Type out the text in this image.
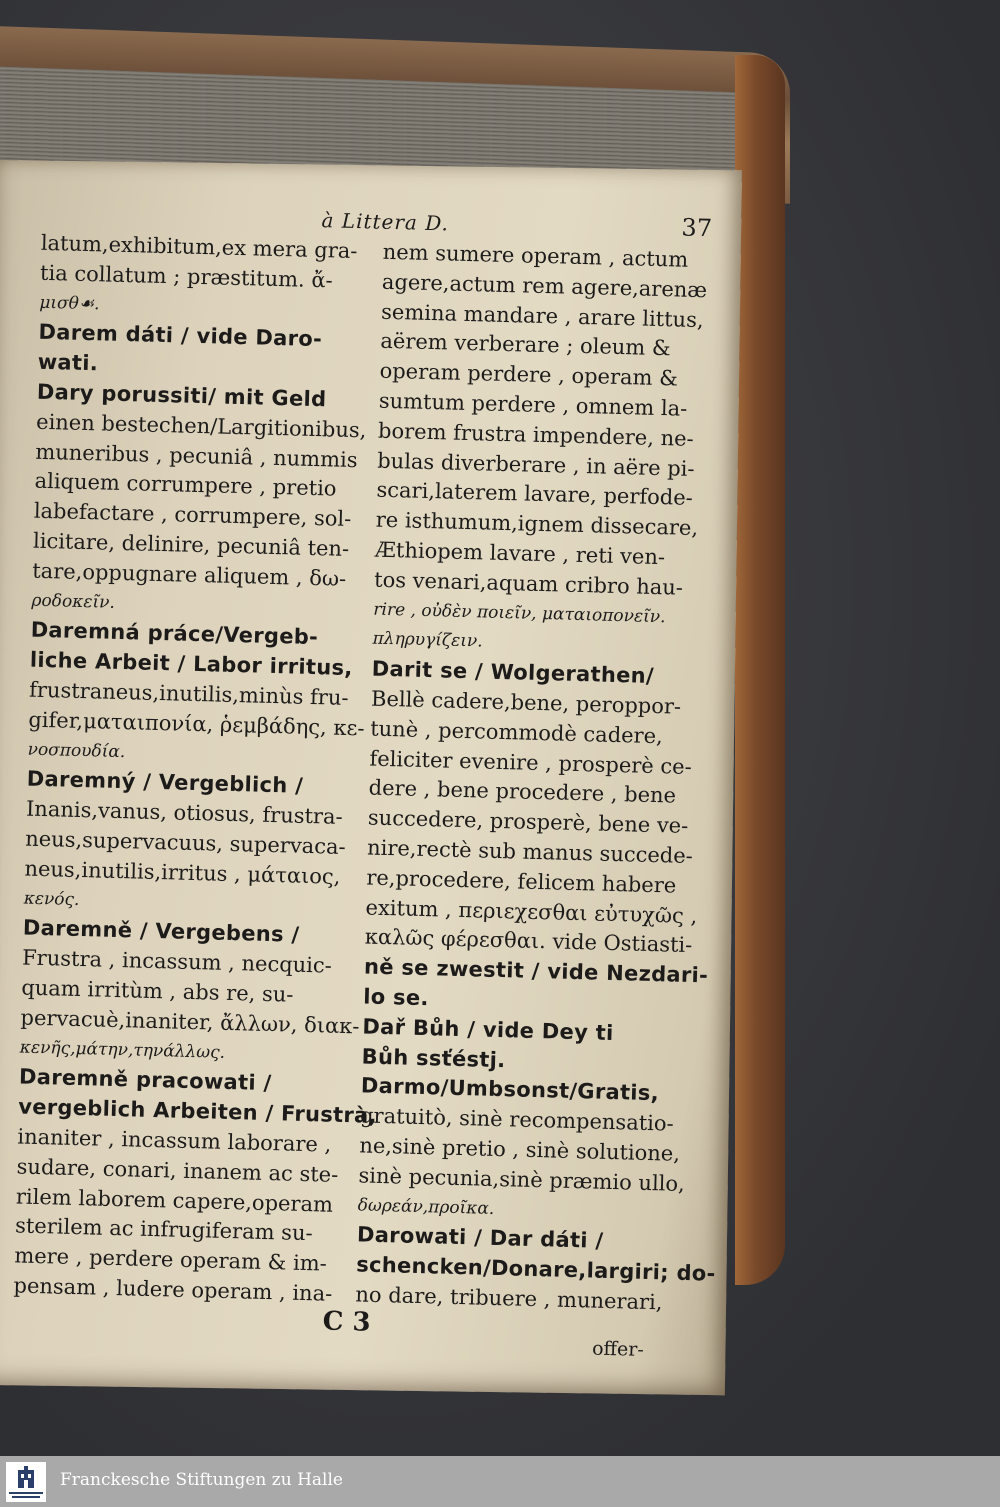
à Littera D.	37
latum,exhibitum,ex mera gra-
tia collatum ; præstitum. ἄ-
μισθ☙.
Darem dáti / vide Daro-
wati.
Dary porussiti/ mit Geld
einen bestechen/Largitionibus,
muneribus , pecuniâ , nummis
aliquem corrumpere , pretio
labefactare , corrumpere, sol-
licitare, delinire, pecuniâ ten-
tare,oppugnare aliquem , δω-
ροδοκεῖν.
Daremná práce/Vergeb-
liche Arbeit / Labor irritus,
frustraneus,inutilis,minùs fru-
gifer,ματαιπονία, ῥεμβάδης, κε-
νοσπουδία.
Daremný / Vergeblich /
Inanis,vanus, otiosus, frustra-
neus,supervacuus, supervaca-
neus,inutilis,irritus , μάταιος,
κενός.
Daremně / Vergebens /
Frustra , incassum , necquic-
quam irritùm , abs re, su-
pervacuè,inaniter, ἄλλων, διακ-
κενῆς,μάτην,τηνάλλως.
Daremně pracowati /
vergeblich Arbeiten / Frustrà,
inaniter , incassum laborare ,
sudare, conari, inanem ac ste-
rilem laborem capere,operam
sterilem ac infrugiferam su-
mere , perdere operam & im-
pensam , ludere operam , ina-
nem sumere operam , actum
agere,actum rem agere,arenæ
semina mandare , arare littus,
aërem verberare ; oleum &
operam perdere , operam &
sumtum perdere , omnem la-
borem frustra impendere, ne-
bulas diverberare , in aëre pi-
scari,laterem lavare, perfode-
re isthumum,ignem dissecare,
Æthiopem lavare , reti ven-
tos venari,aquam cribro hau-
rire , οὐδὲν ποιεῖν, ματαιοπονεῖν.
πληρυγίζειν.
Darit se / Wolgerathen/
Bellè cadere,bene, peroppor-
tunè , percommodè cadere,
feliciter evenire , prosperè ce-
dere , bene procedere , bene
succedere, prosperè, bene ve-
nire,rectè sub manus succede-
re,procedere, felicem habere
exitum , περιεχεσθαι εὐτυχῶς ,
καλῶς φέρεσθαι. vide Ostiasti-
ně se zwestit / vide Nezdari-
lo se.
Dař Bůh / vide Dey ti
Bůh ssťéstj.
Darmo/Umbsonst/Gratis,
gratuitò, sinè recompensatio-
ne,sinè pretio , sinè solutione,
sinè pecunia,sinè præmio ullo,
δωρεάν,προῖκα.
Darowati / Dar dáti /
schencken/Donare,largiri; do-
no dare, tribuere , munerari,
C 3
offer-
Franckesche Stiftungen zu Halle
